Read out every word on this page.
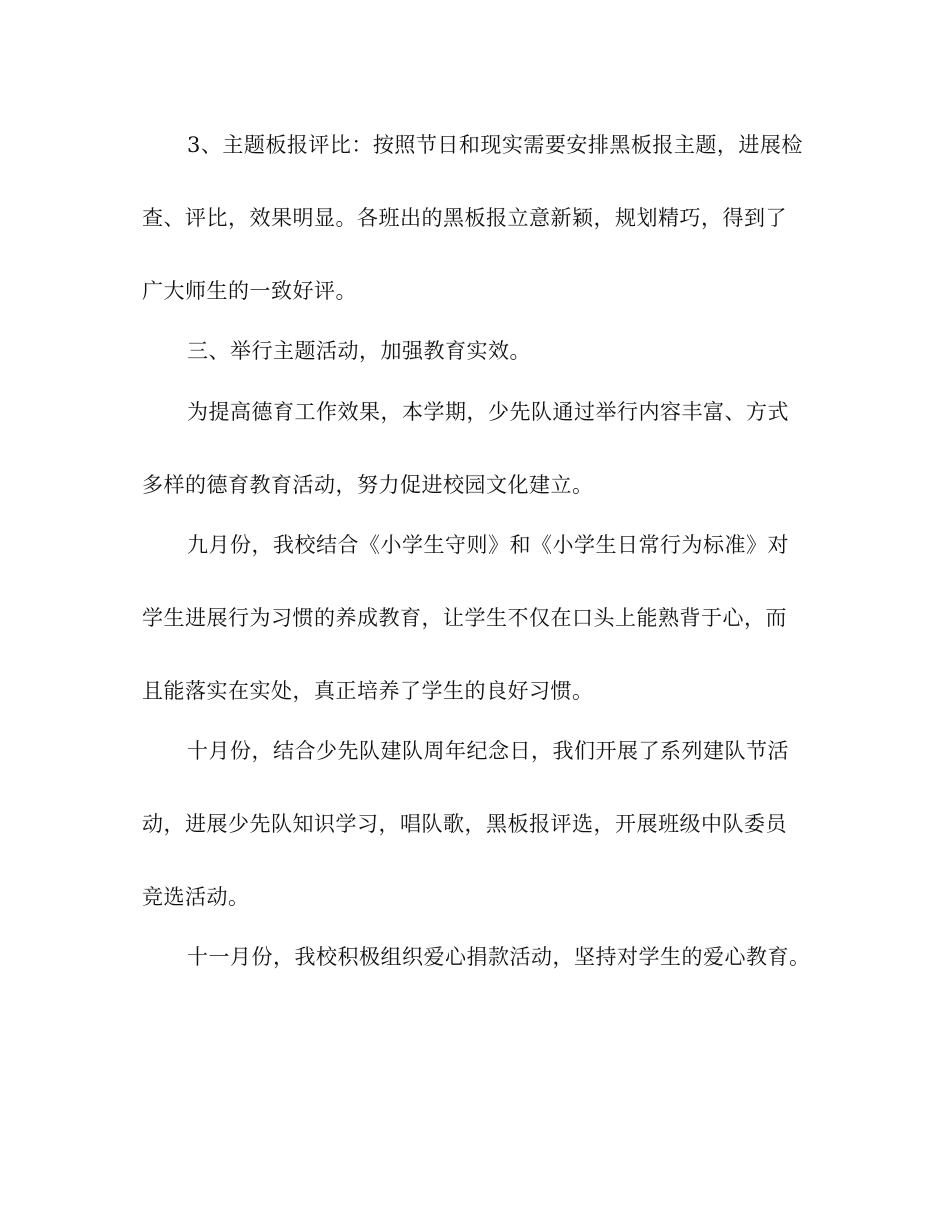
3、主题板报评比：按照节日和现实需要安排黑板报主题，进展检
查、评比，效果明显。各班出的黑板报立意新颖，规划精巧，得到了
广大师生的一致好评。
三、举行主题活动，加强教育实效。
为提高德育工作效果，本学期，少先队通过举行内容丰富、方式
多样的德育教育活动，努力促进校园文化建立。
九月份，我校结合《小学生守则》和《小学生日常行为标准》对
学生进展行为习惯的养成教育，让学生不仅在口头上能熟背于心，而
且能落实在实处，真正培养了学生的良好习惯。
十月份，结合少先队建队周年纪念日，我们开展了系列建队节活
动，进展少先队知识学习，唱队歌，黑板报评选，开展班级中队委员
竞选活动。
十一月份，我校积极组织爱心捐款活动，坚持对学生的爱心教育。
